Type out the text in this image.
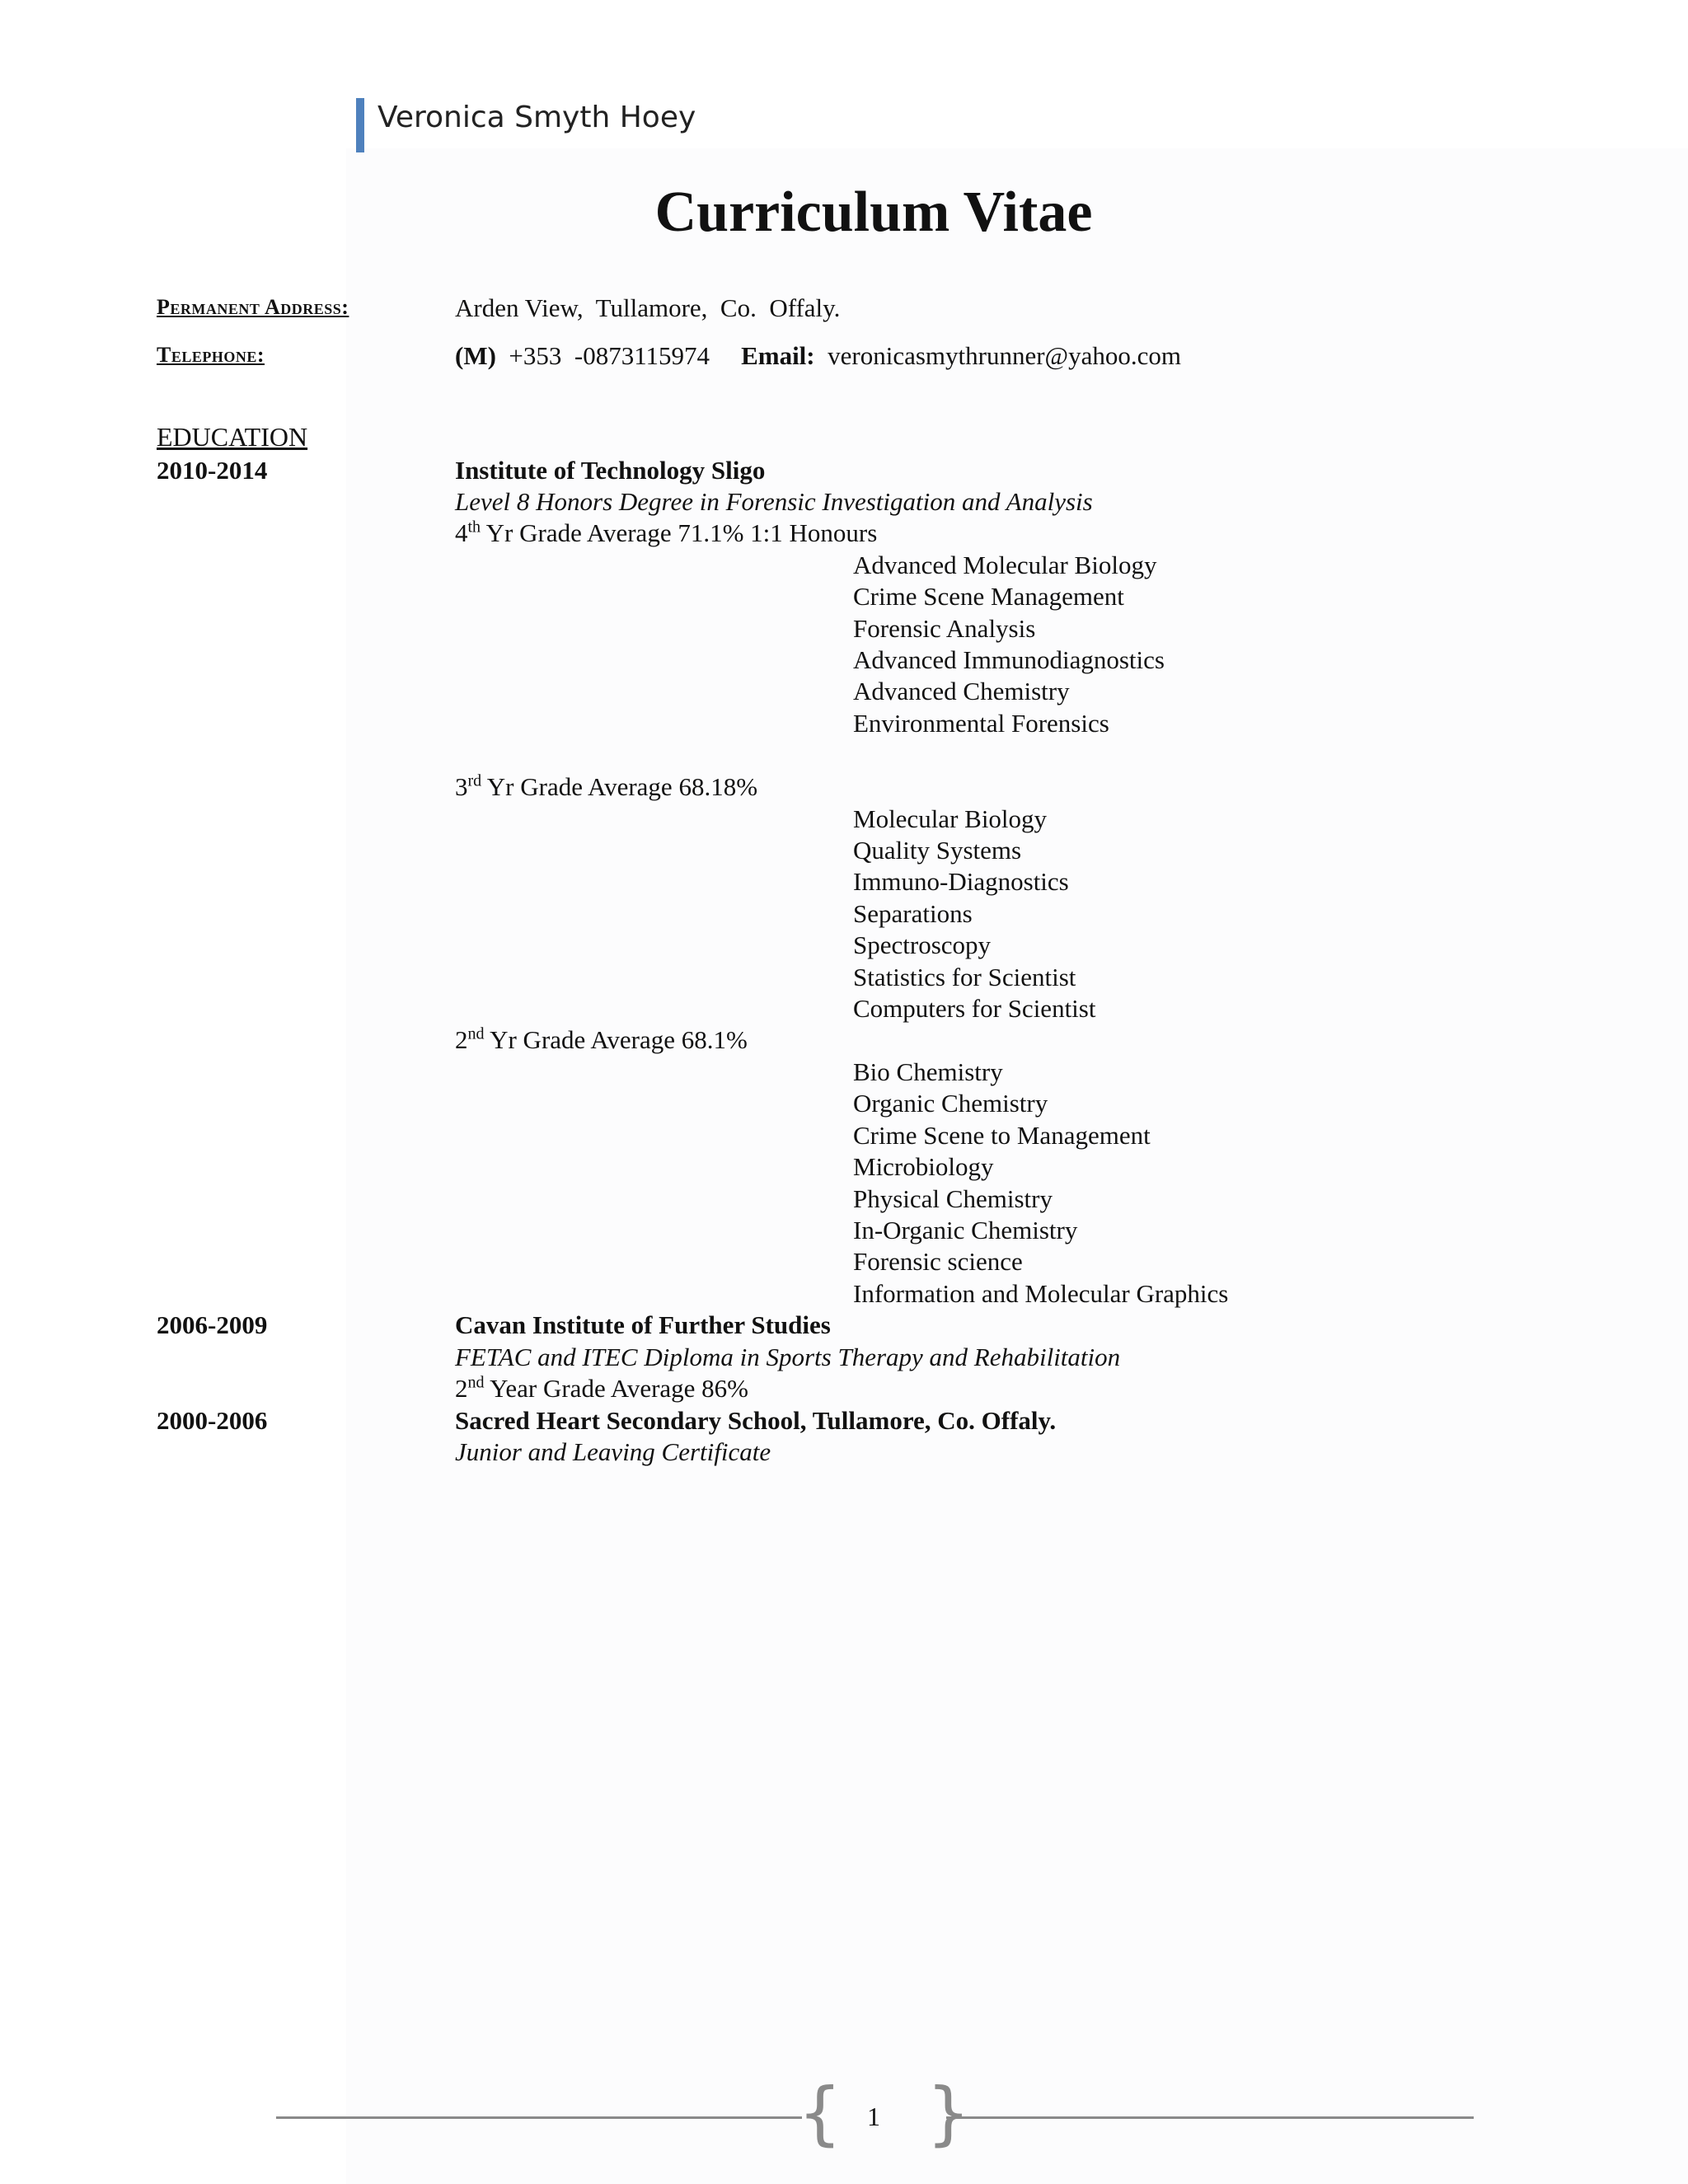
Veronica Smyth Hoey
Curriculum Vitae
Permanent Address:	Arden View,  Tullamore,  Co.  Offaly.
Telephone:	(M) +353  -0873115974 Email: veronicasmythrunner@yahoo.com
EDUCATION
2010-2014	Institute of Technology Sligo
Level 8 Honors Degree in Forensic Investigation and Analysis
4th Yr Grade Average 71.1% 1:1 Honours
Advanced Molecular Biology
Crime Scene Management
Forensic Analysis
Advanced Immunodiagnostics
Advanced Chemistry
Environmental Forensics
3rd Yr Grade Average 68.18%
Molecular Biology
Quality Systems
Immuno-Diagnostics
Separations
Spectroscopy
Statistics for Scientist
Computers for Scientist
2nd Yr Grade Average 68.1%
Bio Chemistry
Organic Chemistry
Crime Scene to Management
Microbiology
Physical Chemistry
In-Organic Chemistry
Forensic science
Information and Molecular Graphics
2006-2009	Cavan Institute of Further Studies
FETAC and ITEC Diploma in Sports Therapy and Rehabilitation
2nd Year Grade Average 86%
2000-2006	Sacred Heart Secondary School, Tullamore, Co. Offaly.
Junior and Leaving Certificate
{ }
1
